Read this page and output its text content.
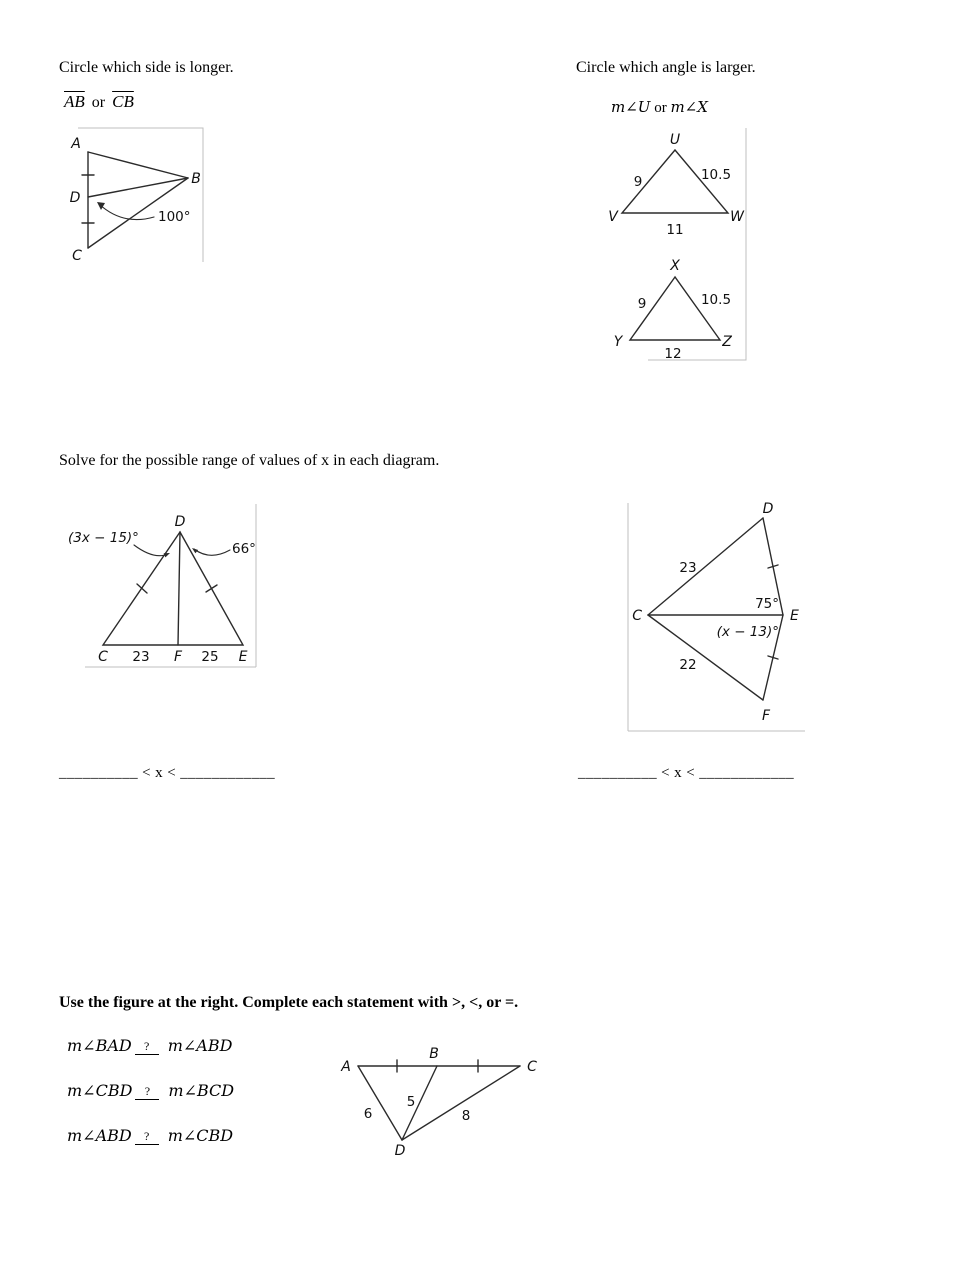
Circle which side is longer.
$\overline{AB}$ or $\overline{CB}$
A
B
C
D
100°
Circle which angle is larger.
m∠U or m∠X
U
V	W
9	10.5
11
X
Y	Z
9	10.5
12
Solve for the possible range of values of x in each diagram.
D
(3x − 15)°
66°
C 23 F 25 E
C
D
E
F
23
22
75°
(x − 13)°
__________ < x < ____________	__________ < x < ____________
Use the figure at the right. Complete each statement with >, <, or =.
m∠BAD ? m∠ABD
m∠CBD ? m∠BCD
m∠ABD ? m∠CBD
A
B
C
D
6
5
8
